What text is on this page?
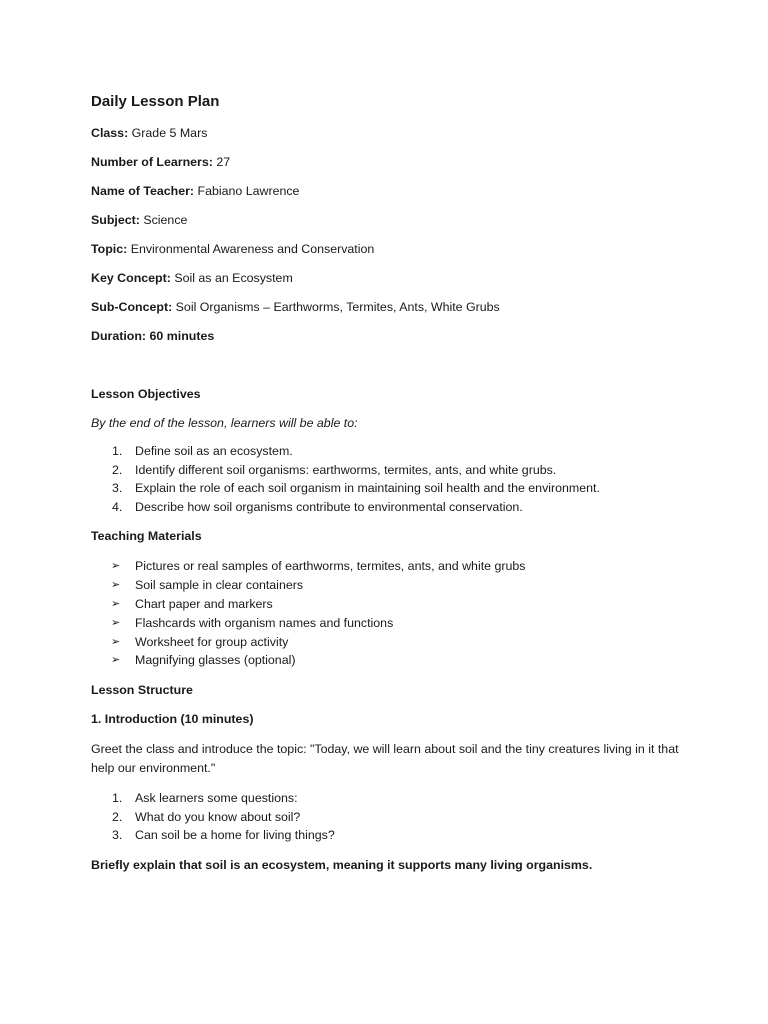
Daily Lesson Plan
Class: Grade 5 Mars
Number of Learners: 27
Name of Teacher: Fabiano Lawrence
Subject: Science
Topic: Environmental Awareness and Conservation
Key Concept: Soil as an Ecosystem
Sub-Concept: Soil Organisms – Earthworms, Termites, Ants, White Grubs
Duration: 60 minutes
Lesson Objectives
By the end of the lesson, learners will be able to:
1. Define soil as an ecosystem.
2. Identify different soil organisms: earthworms, termites, ants, and white grubs.
3. Explain the role of each soil organism in maintaining soil health and the environment.
4. Describe how soil organisms contribute to environmental conservation.
Teaching Materials
➢ Pictures or real samples of earthworms, termites, ants, and white grubs
➢ Soil sample in clear containers
➢ Chart paper and markers
➢ Flashcards with organism names and functions
➢ Worksheet for group activity
➢ Magnifying glasses (optional)
Lesson Structure
1. Introduction (10 minutes)
Greet the class and introduce the topic: "Today, we will learn about soil and the tiny creatures living in it that help our environment."
1. Ask learners some questions:
2. What do you know about soil?
3. Can soil be a home for living things?
Briefly explain that soil is an ecosystem, meaning it supports many living organisms.
